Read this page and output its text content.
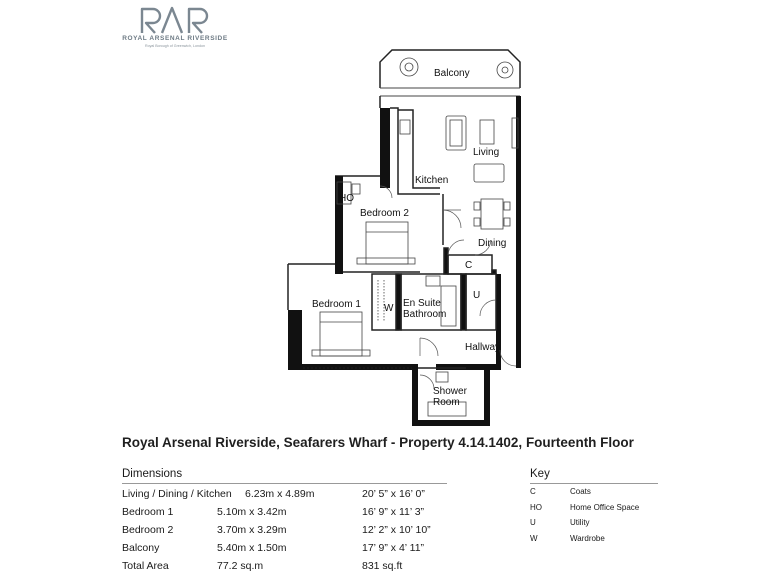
ROYAL ARSENAL RIVERSIDE
Royal Borough of Greenwich, London
Balcony
Living
Kitchen
HO
Bedroom 2
Dining
C
Bedroom 1 W En Suite
Bathroom
U
Hallway
Shower
Room
Royal Arsenal Riverside, Seafarers Wharf - Property 4.14.1402, Fourteenth Floor
Dimensions
Living / Dining / Kitchen 6.23m x 4.89m	20’ 5” x 16’ 0”
Bedroom 1	5.10m x 3.42m	16’ 9” x 11’ 3”
Bedroom 2	3.70m x 3.29m	12’ 2” x 10’ 10”
Balcony	5.40m x 1.50m	17’ 9” x 4’ 11”
Total Area	77.2 sq.m	831 sq.ft
Key
C	Coats
HO	Home Office Space
U	Utility
W	Wardrobe
